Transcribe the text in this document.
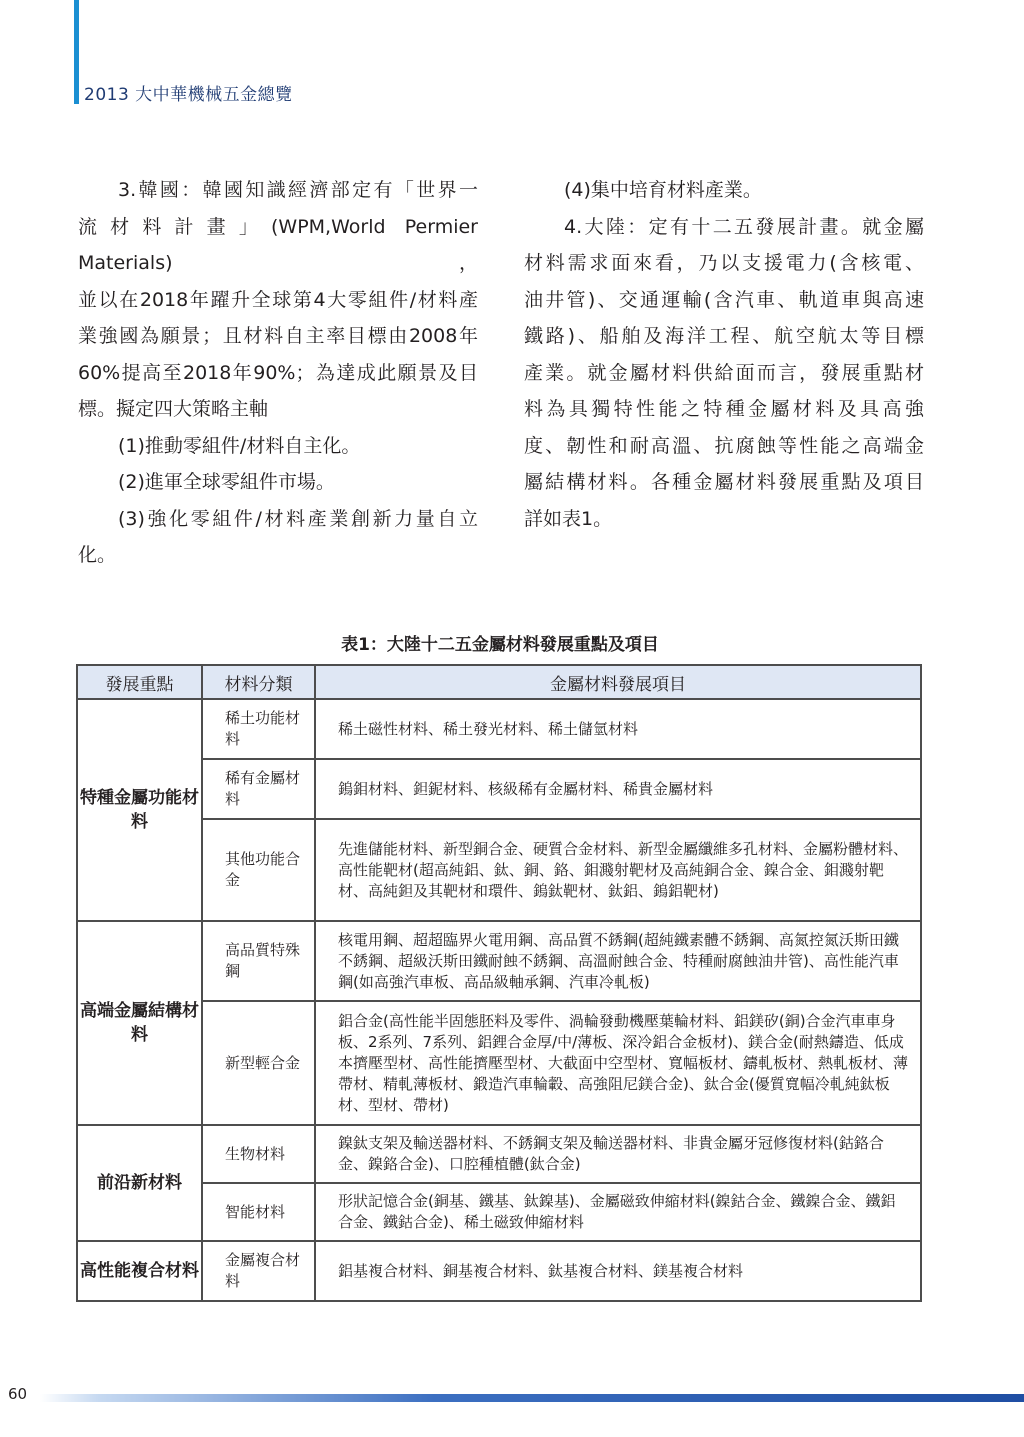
2013 大中華機械五金總覽

3.韓國：韓國知識經濟部定有「世界一

流材料計畫」(WPM,World Permier Materials)，

並以在2018年躍升全球第4大零組件/材料產

業強國為願景；且材料自主率目標由2008年

60%提高至2018年90%；為達成此願景及目

標。擬定四大策略主軸

(1)推動零組件/材料自主化。

(2)進軍全球零組件市場。

(3)強化零組件/材料產業創新力量自立

化。

(4)集中培育材料產業。

4.大陸：定有十二五發展計畫。就金屬

材料需求面來看，乃以支援電力(含核電、

油井管)、交通運輸(含汽車、軌道車與高速

鐵路)、船舶及海洋工程、航空航太等目標

產業。就金屬材料供給面而言，發展重點材

料為具獨特性能之特種金屬材料及具高強

度、韌性和耐高溫、抗腐蝕等性能之高端金

屬結構材料。各種金屬材料發展重點及項目

詳如表1。

表1：大陸十二五金屬材料發展重點及項目
發展重點	材料分類	金屬材料發展項目
特種金屬功能材料	稀土功能材料	稀土磁性材料、稀土發光材料、稀土儲氫材料
	稀有金屬材料	鎢鉬材料、鉭鈮材料、核級稀有金屬材料、稀貴金屬材料
	其他功能合金	先進儲能材料、新型銅合金、硬質合金材料、新型金屬纖維多孔材料、金屬粉體材料、高性能靶材(超高純鋁、鈦、銅、鉻、鉬濺射靶材及高純銅合金、鎳合金、鉬濺射靶材、高純鉭及其靶材和環件、鎢鈦靶材、鈦鋁、鎢鋁靶材)
高端金屬結構材料	高品質特殊鋼	核電用鋼、超超臨界火電用鋼、高品質不銹鋼(超純鐵素體不銹鋼、高氮控氮沃斯田鐵不銹鋼、超級沃斯田鐵耐蝕不銹鋼、高溫耐蝕合金、特種耐腐蝕油井管)、高性能汽車鋼(如高強汽車板、高品級軸承鋼、汽車冷軋板)
	新型輕合金	鋁合金(高性能半固態胚料及零件、渦輪發動機壓葉輪材料、鋁鎂矽(銅)合金汽車車身板、2系列、7系列、鋁鋰合金厚/中/薄板、深冷鋁合金板材)、鎂合金(耐熱鑄造、低成本擠壓型材、高性能擠壓型材、大截面中空型材、寬幅板材、鑄軋板材、熱軋板材、薄帶材、精軋薄板材、鍛造汽車輪轂、高強阻尼鎂合金)、鈦合金(優質寬幅冷軋純鈦板材、型材、帶材)
前沿新材料	生物材料	鎳鈦支架及輸送器材料、不銹鋼支架及輸送器材料、非貴金屬牙冠修復材料(鈷鉻合金、鎳鉻合金)、口腔種植體(鈦合金)
	智能材料	形狀記憶合金(銅基、鐵基、鈦鎳基)、金屬磁致伸縮材料(鎳鈷合金、鐵鎳合金、鐵鋁合金、鐵鈷合金)、稀土磁致伸縮材料
高性能複合材料	金屬複合材料	鋁基複合材料、銅基複合材料、鈦基複合材料、鎂基複合材料
60
